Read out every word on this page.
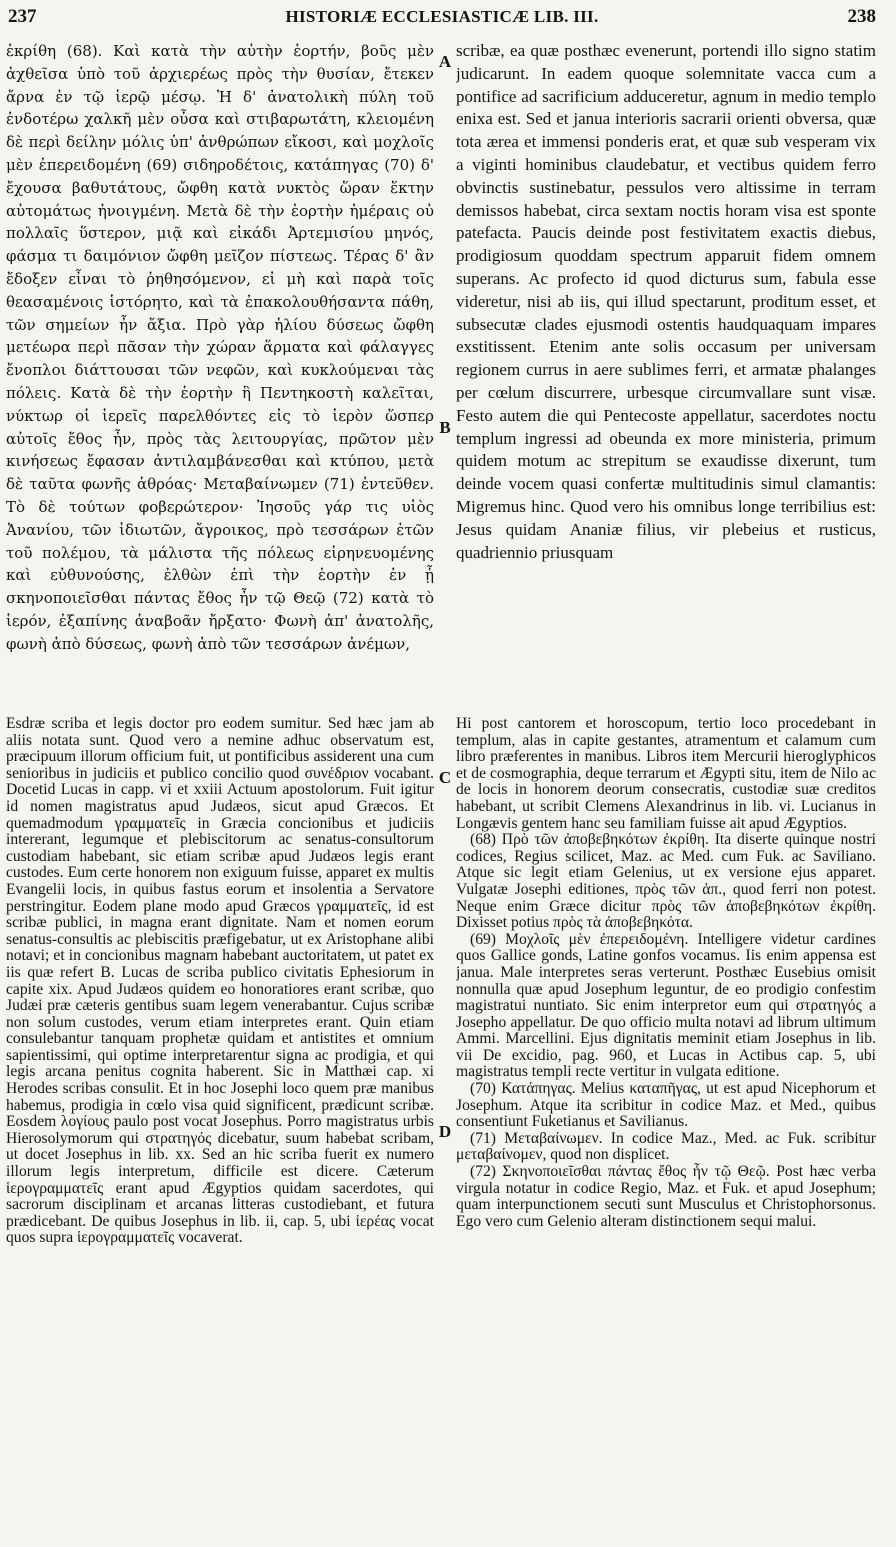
237	HISTORIÆ ECCLESIASTICÆ LIB. III.	238

ἐκρίθη (68). Καὶ κατὰ τὴν αὐτὴν ἑορτήν, βοῦς μὲν ἀχθεῖσα ὑπὸ τοῦ ἀρχιερέως πρὸς τὴν θυσίαν, ἔτεκεν ἄρνα ἐν τῷ ἱερῷ μέσῳ. Ἡ δ' ἀνατολικὴ πύλη τοῦ ἐνδοτέρω χαλκῆ μὲν οὖσα καὶ στιβαρωτάτη, κλειομένη δὲ περὶ δείλην μόλις ὑπ' ἀνθρώπων εἴκοσι, καὶ μοχλοῖς μὲν ἐπερειδομένη (69) σιδηροδέτοις, κατάπηγας (70) δ' ἔχουσα βαθυτάτους, ὤφθη κατὰ νυκτὸς ὥραν ἕκτην αὐτομάτως ἠνοιγμένη. Μετὰ δὲ τὴν ἑορτὴν ἡμέραις οὐ πολλαῖς ὕστερον, μιᾷ καὶ εἰκάδι Ἀρτεμισίου μηνός, φάσμα τι δαιμόνιον ὤφθη μεῖζον πίστεως. Τέρας δ' ἂν ἔδοξεν εἶναι τὸ ῥηθησόμενον, εἰ μὴ καὶ παρὰ τοῖς θεασαμένοις ἱστόρητο, καὶ τὰ ἐπακολουθήσαντα πάθη, τῶν σημείων ἦν ἄξια. Πρὸ γὰρ ἡλίου δύσεως ὤφθη μετέωρα περὶ πᾶσαν τὴν χώραν ἅρματα καὶ φάλαγγες ἔνοπλοι διάττουσαι τῶν νεφῶν, καὶ κυκλούμεναι τὰς πόλεις. Κατὰ δὲ τὴν ἑορτὴν ἣ Πεντηκοστὴ καλεῖται, νύκτωρ οἱ ἱερεῖς παρελθόντες εἰς τὸ ἱερὸν ὥσπερ αὐτοῖς ἔθος ἦν, πρὸς τὰς λειτουργίας, πρῶτον μὲν κινήσεως ἔφασαν ἀντιλαμβάνεσθαι καὶ κτύπου, μετὰ δὲ ταῦτα φωνῆς ἀθρόας· Μεταβαίνωμεν (71) ἐντεῦθεν. Τὸ δὲ τούτων φοβερώτερον· Ἰησοῦς γάρ τις υἱὸς Ἀνανίου, τῶν ἰδιωτῶν, ἄγροικος, πρὸ τεσσάρων ἐτῶν τοῦ πολέμου, τὰ μάλιστα τῆς πόλεως εἰρηνευομένης καὶ εὐθυνούσης, ἐλθὼν ἐπὶ τὴν ἑορτὴν ἐν ᾗ σκηνοποιεῖσθαι πάντας ἔθος ἦν τῷ Θεῷ (72) κατὰ τὸ ἱερόν, ἐξαπίνης ἀναβοᾶν ἤρξατο· Φωνὴ ἀπ' ἀνατολῆς, φωνὴ ἀπὸ δύσεως, φωνὴ ἀπὸ τῶν τεσσάρων ἀνέμων,

scribæ, ea quæ posthæc evenerunt, portendi illo signo statim judicarunt. In eadem quoque solemnitate vacca cum a pontifice ad sacrificium adduceretur, agnum in medio templo enixa est. Sed et janua interioris sacrarii orienti obversa, quæ tota ærea et immensi ponderis erat, et quæ sub vesperam vix a viginti hominibus claudebatur, et vectibus quidem ferro obvinctis sustinebatur, pessulos vero altissime in terram demissos habebat, circa sextam noctis horam visa est sponte patefacta. Paucis deinde post festivitatem exactis diebus, prodigiosum quoddam spectrum apparuit fidem omnem superans. Ac profecto id quod dicturus sum, fabula esse videretur, nisi ab iis, qui illud spectarunt, proditum esset, et subsecutæ clades ejusmodi ostentis haudquaquam impares exstitissent. Etenim ante solis occasum per universam regionem currus in aere sublimes ferri, et armatæ phalanges per cœlum discurrere, urbesque circumvallare sunt visæ. Festo autem die qui Pentecoste appellatur, sacerdotes noctu templum ingressi ad obeunda ex more ministeria, primum quidem motum ac strepitum se exaudisse dixerunt, tum deinde vocem quasi confertæ multitudinis simul clamantis: Migremus hinc. Quod vero his omnibus longe terribilius est: Jesus quidam Ananiæ filius, vir plebeius et rusticus, quadriennio priusquam

Esdræ scriba et legis doctor pro eodem sumitur. Sed hæc jam ab aliis notata sunt. Quod vero a nemine adhuc observatum est, præcipuum illorum officium fuit, ut pontificibus assiderent una cum senioribus in judiciis et publico concilio quod συνέδριον vocabant. Docetid Lucas in capp. vi et xxiii Actuum apostolorum. Fuit igitur id nomen magistratus apud Judæos, sicut apud Græcos. Et quemadmodum γραμματεῖς in Græcia concionibus et judiciis intererant, legumque et plebiscitorum ac senatus-consultorum custodiam habebant, sic etiam scribæ apud Judæos legis erant custodes. Eum certe honorem non exiguum fuisse, apparet ex multis Evangelii locis, in quibus fastus eorum et insolentia a Servatore perstringitur. Eodem plane modo apud Græcos γραμματεῖς, id est scribæ publici, in magna erant dignitate. Nam et nomen eorum senatus-consultis ac plebiscitis præfigebatur, ut ex Aristophane alibi notavi; et in concionibus magnam habebant auctoritatem, ut patet ex iis quæ refert B. Lucas de scriba publico civitatis Ephesiorum in capite xix. Apud Judæos quidem eo honoratiores erant scribæ, quo Judæi præ cæteris gentibus suam legem venerabantur. Cujus scribæ non solum custodes, verum etiam interpretes erant. Quin etiam consulebantur tanquam prophetæ quidam et antistites et omnium sapientissimi, qui optime interpretarentur signa ac prodigia, et qui legis arcana penitus cognita haberent. Sic in Matthæi cap. xi Herodes scribas consulit. Et in hoc Josephi loco quem præ manibus habemus, prodigia in cœlo visa quid significent, prædicunt scribæ. Eosdem λογίους paulo post vocat Josephus. Porro magistratus urbis Hierosolymorum qui στρατηγός dicebatur, suum habebat scribam, ut docet Josephus in lib. xx. Sed an hic scriba fuerit ex numero illorum legis interpretum, difficile est dicere. Cæterum ἱερογραμματεῖς erant apud Ægyptios quidam sacerdotes, qui sacrorum disciplinam et arcanas litteras custodiebant, et futura prædicebant. De quibus Josephus in lib. ii, cap. 5, ubi ἱερέας vocat quos supra ἱερογραμματεῖς vocaverat.

Hi post cantorem et horoscopum, tertio loco procedebant in templum, alas in capite gestantes, atramentum et calamum cum libro præferentes in manibus. Libros item Mercurii hieroglyphicos et de cosmographia, deque terrarum et Ægypti situ, item de Nilo ac de locis in honorem deorum consecratis, custodiæ suæ creditos habebant, ut scribit Clemens Alexandrinus in lib. vi. Lucianus in Longævis gentem hanc seu familiam fuisse ait apud Ægyptios.

(68) Πρὸ τῶν ἀποβεβηκότων ἐκρίθη. Ita diserte quinque nostri codices, Regius scilicet, Maz. ac Med. cum Fuk. ac Saviliano. Atque sic legit etiam Gelenius, ut ex versione ejus apparet. Vulgatæ Josephi editiones, πρὸς τῶν ἀπ., quod ferri non potest. Neque enim Græce dicitur πρὸς τῶν ἀποβεβηκότων ἐκρίθη. Dixisset potius πρὸς τὰ ἀποβεβηκότα.

(69) Μοχλοῖς μὲν ἐπερειδομένη. Intelligere videtur cardines quos Gallice gonds, Latine gonfos vocamus. Iis enim appensa est janua. Male interpretes seras verterunt. Posthæc Eusebius omisit nonnulla quæ apud Josephum leguntur, de eo prodigio confestim magistratui nuntiato. Sic enim interpretor eum qui στρατηγός a Josepho appellatur. De quo officio multa notavi ad librum ultimum Ammi. Marcellini. Ejus dignitatis meminit etiam Josephus in lib. vii De excidio, pag. 960, et Lucas in Actibus cap. 5, ubi magistratus templi recte vertitur in vulgata editione.

(70) Κατάπηγας. Melius καταπῆγας, ut est apud Nicephorum et Josephum. Atque ita scribitur in codice Maz. et Med., quibus consentiunt Fuketianus et Savilianus.

(71) Μεταβαίνωμεν. In codice Maz., Med. ac Fuk. scribitur μεταβαίνομεν, quod non displicet.

(72) Σκηνοποιεῖσθαι πάντας ἔθος ἦν τῷ Θεῷ. Post hæc verba virgula notatur in codice Regio, Maz. et Fuk. et apud Josephum; quam interpunctionem secuti sunt Musculus et Christophorsonus. Ego vero cum Gelenio alteram distinctionem sequi malui.

A
B
C
D
